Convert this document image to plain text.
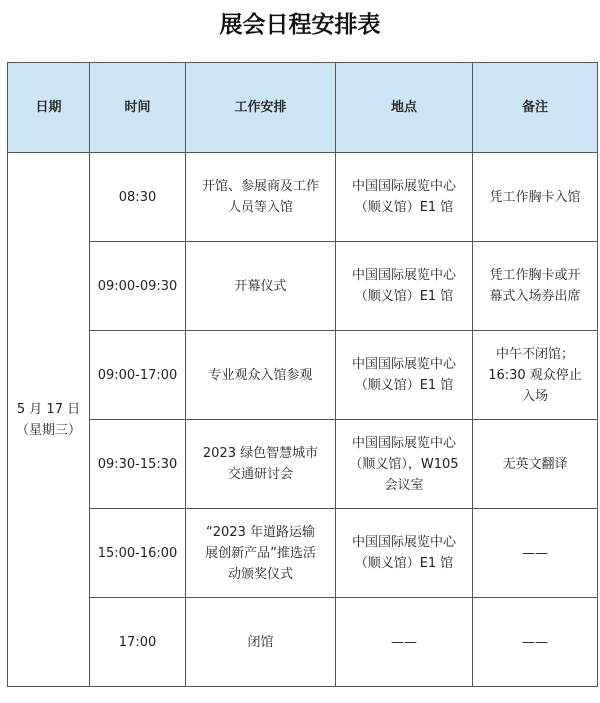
展会日程安排表
日期	时间	工作安排	地点	备注

5 月 17 日
（星期三）	08:30	开馆、参展商及工作
人员等入馆	中国国际展览中心
（顺义馆）E1 馆	凭工作胸卡入馆

	09:00-09:30	开幕仪式	中国国际展览中心
（顺义馆）E1 馆	凭工作胸卡或开
幕式入场券出席

	09:00-17:00	专业观众入馆参观	中国国际展览中心
（顺义馆）E1 馆	中午不闭馆；
16:30 观众停止
入场

	09:30-15:30	2023 绿色智慧城市
交通研讨会	中国国际展览中心
（顺义馆），W105
会议室	无英文翻译

	15:00-16:00	“2023 年道路运输
展创新产品”推选活
动颁奖仪式	中国国际展览中心
（顺义馆）E1 馆	——

	17:00	闭馆	——	——
